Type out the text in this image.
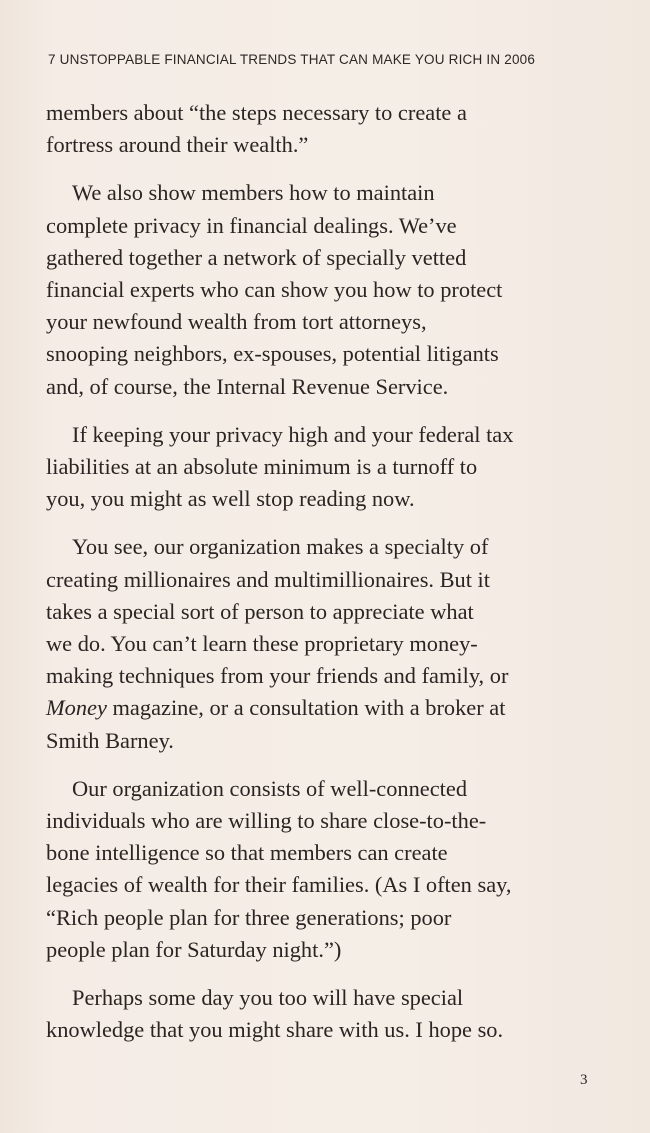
7 UNSTOPPABLE FINANCIAL TRENDS THAT CAN MAKE YOU RICH IN 2006

members about “the steps necessary to create a
fortress around their wealth.”

We also show members how to maintain
complete privacy in financial dealings. We’ve
gathered together a network of specially vetted
financial experts who can show you how to protect
your newfound wealth from tort attorneys,
snooping neighbors, ex-spouses, potential litigants
and, of course, the Internal Revenue Service.

If keeping your privacy high and your federal tax
liabilities at an absolute minimum is a turnoff to
you, you might as well stop reading now.

You see, our organization makes a specialty of
creating millionaires and multimillionaires. But it
takes a special sort of person to appreciate what
we do. You can’t learn these proprietary money-
making techniques from your friends and family, or
Money magazine, or a consultation with a broker at
Smith Barney.

Our organization consists of well-connected
individuals who are willing to share close-to-the-
bone intelligence so that members can create
legacies of wealth for their families. (As I often say,
“Rich people plan for three generations; poor
people plan for Saturday night.”)

Perhaps some day you too will have special
knowledge that you might share with us. I hope so.

3
